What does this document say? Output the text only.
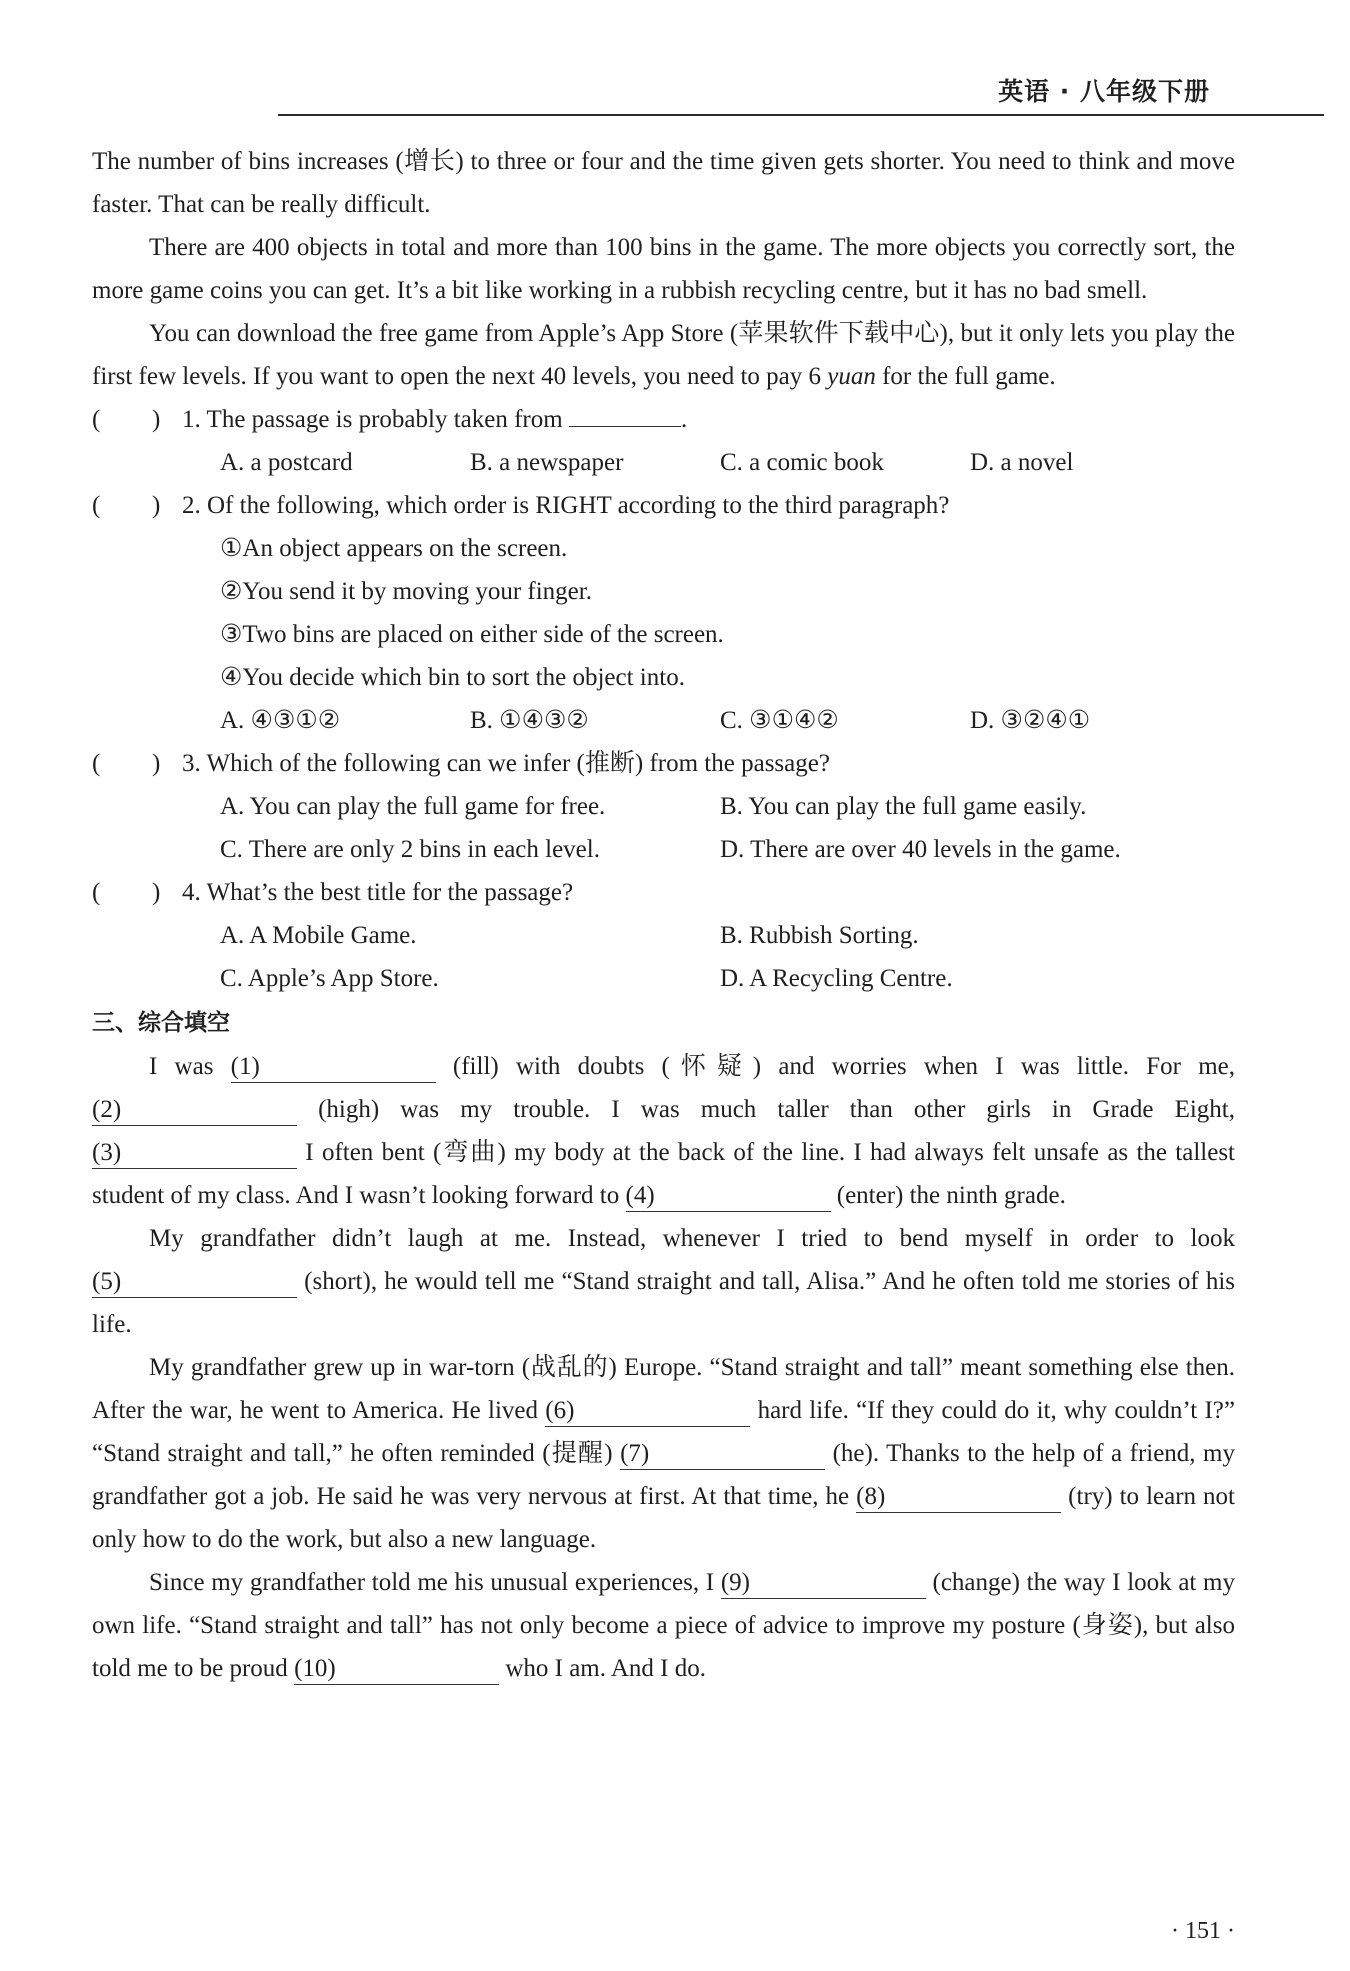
英语 · 八年级下册

The number of bins increases (增长) to three or four and the time given gets shorter. You need to think and move faster. That can be really difficult.

There are 400 objects in total and more than 100 bins in the game. The more objects you correctly sort, the more game coins you can get. It’s a bit like working in a rubbish recycling centre, but it has no bad smell.

You can download the free game from Apple’s App Store (苹果软件下载中心), but it only lets you play the first few levels. If you want to open the next 40 levels, you need to pay 6 yuan for the full game.

(	) 1. The passage is probably taken from	.
A. a postcard	B. a newspaper	C. a comic book	D. a novel
(	) 2. Of the following, which order is RIGHT according to the third paragraph?
①An object appears on the screen.
②You send it by moving your finger.
③Two bins are placed on either side of the screen.
④You decide which bin to sort the object into.
A. ④③①②	B. ①④③②	C. ③①④②	D. ③②④①
(	) 3. Which of the following can we infer (推断) from the passage?
A. You can play the full game for free.	B. You can play the full game easily.
C. There are only 2 bins in each level.	D. There are over 40 levels in the game.
(	) 4. What’s the best title for the passage?
A. A Mobile Game.	B. Rubbish Sorting.
C. Apple’s App Store.	D. A Recycling Centre.
三、综合填空

I was (1)	(fill) with doubts (怀疑) and worries when I was little. For me, (2)	(high) was my trouble. I was much taller than other girls in Grade Eight, (3)	I often bent (弯曲) my body at the back of the line. I had always felt unsafe as the tallest student of my class. And I wasn’t looking forward to (4)	(enter) the ninth grade.

My grandfather didn’t laugh at me. Instead, whenever I tried to bend myself in order to look (5)	(short), he would tell me “Stand straight and tall, Alisa.” And he often told me stories of his life.

My grandfather grew up in war-torn (战乱的) Europe. “Stand straight and tall” meant something else then. After the war, he went to America. He lived (6)	hard life. “If they could do it, why couldn’t I?” “Stand straight and tall,” he often reminded (提醒) (7)	(he). Thanks to the help of a friend, my grandfather got a job. He said he was very nervous at first. At that time, he (8)	(try) to learn not only how to do the work, but also a new language.

Since my grandfather told me his unusual experiences, I (9)	(change) the way I look at my own life. “Stand straight and tall” has not only become a piece of advice to improve my posture (身姿), but also told me to be proud (10)	who I am. And I do.

· 151 ·
